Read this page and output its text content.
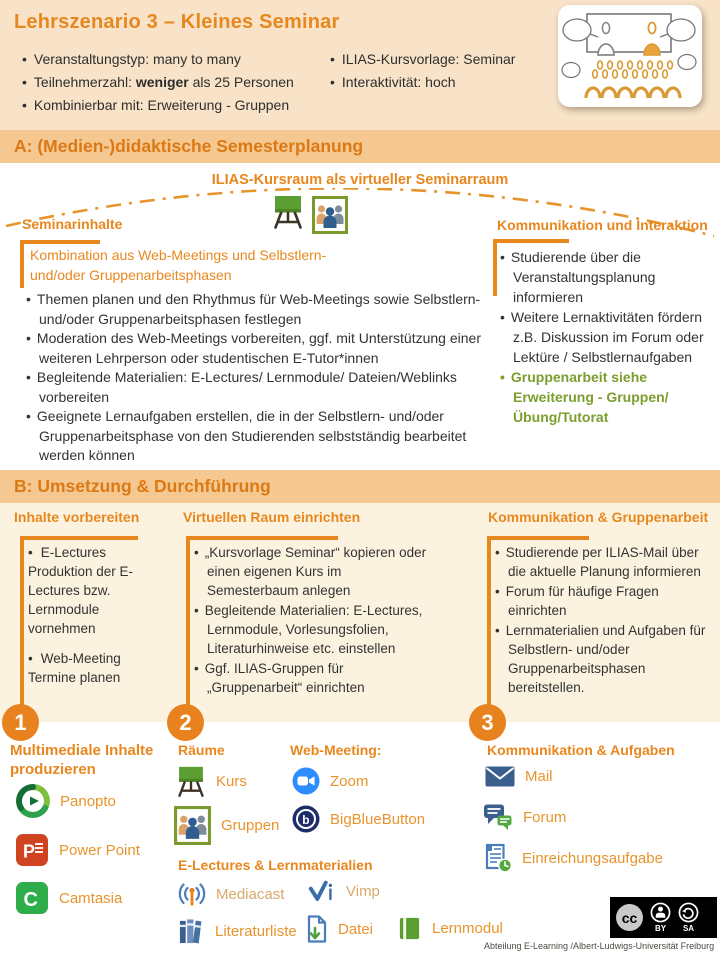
Lehrszenario 3 – Kleines Seminar
• Veranstaltungstyp: many to many
• Teilnehmerzahl: weniger als 25 Personen
• Kombinierbar mit: Erweiterung - Gruppen
• ILIAS-Kursvorlage: Seminar
• Interaktivität: hoch
A: (Medien-)didaktische Semesterplanung
ILIAS-Kursraum als virtueller Seminarraum
Seminarinhalte
Kombination aus Web-Meetings und Selbstlern- und/oder Gruppenarbeitsphasen
• Themen planen und den Rhythmus für Web-Meetings sowie Selbstlern- und/oder Gruppenarbeitsphasen festlegen
• Moderation des Web-Meetings vorbereiten, ggf. mit Unterstützung einer weiteren Lehrperson oder studentischen E-Tutor*innen
• Begleitende Materialien: E-Lectures/ Lernmodule/ Dateien/Weblinks vorbereiten
• Geeignete Lernaufgaben erstellen, die in der Selbstlern- und/oder Gruppenarbeitsphase von den Studierenden selbstständig bearbeitet werden können
Kommunikation und Interaktion
• Studierende über die Veranstaltungsplanung informieren
• Weitere Lernaktivitäten fördern z.B. Diskussion im Forum oder Lektüre / Selbstlernaufgaben
• Gruppenarbeit siehe Erweiterung - Gruppen/Übung/Tutorat
B: Umsetzung & Durchführung
Inhalte vorbereiten
• E-Lectures Produktion der E-Lectures bzw. Lernmodule vornehmen
• Web-Meeting Termine planen
1
Virtuellen Raum einrichten
• „Kursvorlage Seminar“ kopieren oder einen eigenen Kurs im Semesterbaum anlegen
• Begleitende Materialien: E-Lectures, Lernmodule, Vorlesungsfolien, Literaturhinweise etc. einstellen
• Ggf. ILIAS-Gruppen für „Gruppenarbeit“ einrichten
2
Kommunikation & Gruppenarbeit
• Studierende per ILIAS-Mail über die aktuelle Planung informieren
• Forum für häufige Fragen einrichten
• Lernmaterialien und Aufgaben für Selbstlern- und/oder Gruppenarbeitsphasen bereitstellen.
3
Multimediale Inhalte produzieren
Panopto
P Power Point
C Camtasia
Räume
Kurs
Gruppen
Web-Meeting:
Zoom
b BigBlueButton
E-Lectures & Lernmaterialien
Mediacast	Vimp
Literaturliste	Datei	Lernmodul
Kommunikation & Aufgaben
Mail
Forum
Einreichungsaufgabe
cc
BY SA
Abteilung E-Learning /Albert-Ludwigs-Universität Freiburg
